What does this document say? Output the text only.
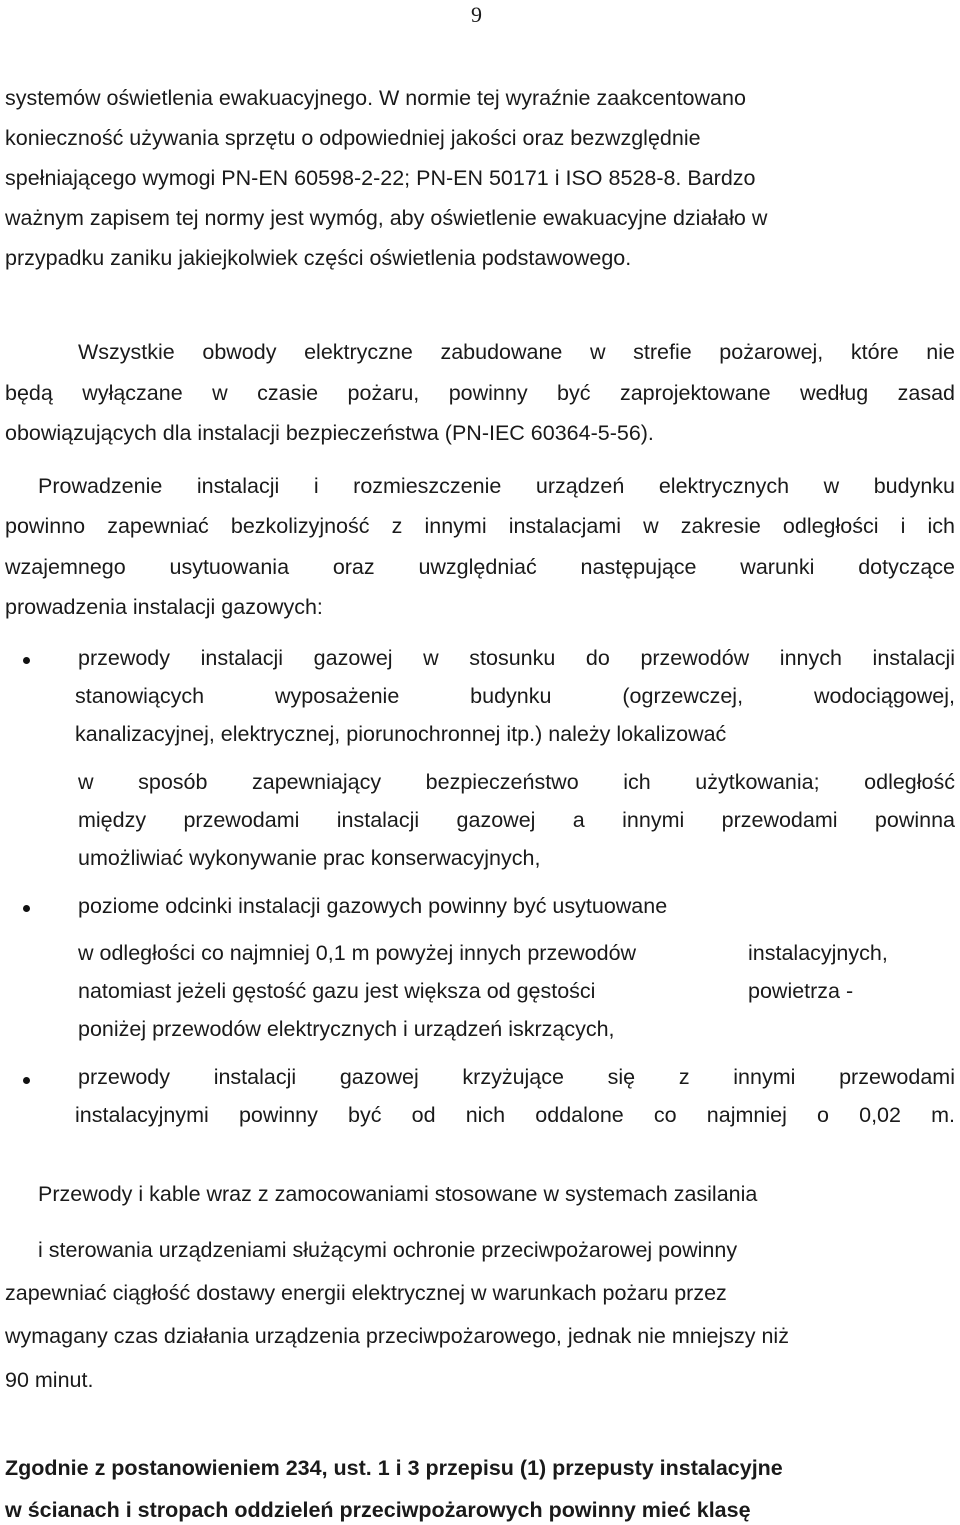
9
systemów oświetlenia ewakuacyjnego. W normie tej wyraźnie zaakcentowano
konieczność używania sprzętu o odpowiedniej jakości oraz bezwzględnie
spełniającego wymogi PN-EN 60598-2-22; PN-EN 50171 i ISO 8528-8. Bardzo
ważnym zapisem tej normy jest wymóg, aby oświetlenie ewakuacyjne działało w
przypadku zaniku jakiejkolwiek części oświetlenia podstawowego.
Wszystkie obwody elektryczne zabudowane w strefie pożarowej, które nie
będą wyłączane w czasie pożaru, powinny być zaprojektowane według zasad
obowiązujących dla instalacji bezpieczeństwa (PN-IEC 60364-5-56).
Prowadzenie instalacji i rozmieszczenie urządzeń elektrycznych w budynku
powinno zapewniać bezkolizyjność z innymi instalacjami w zakresie odległości i ich
wzajemnego usytuowania oraz uwzględniać następujące warunki dotyczące
prowadzenia instalacji gazowych:
przewody instalacji gazowej w stosunku do przewodów innych instalacji
stanowiących wyposażenie budynku (ogrzewczej, wodociągowej,
kanalizacyjnej, elektrycznej, piorunochronnej itp.) należy lokalizować
w sposób zapewniający bezpieczeństwo ich użytkowania; odległość
między przewodami instalacji gazowej a innymi przewodami powinna
umożliwiać wykonywanie prac konserwacyjnych,
poziome odcinki instalacji gazowych powinny być usytuowane
w odległości co najmniej 0,1 m powyżej innych przewodów	instalacyjnych,
natomiast jeżeli gęstość gazu jest większa od gęstości	powietrza -
poniżej przewodów elektrycznych i urządzeń iskrzących,
przewody instalacji gazowej krzyżujące się z innymi przewodami
instalacyjnymi powinny być od nich oddalone co najmniej o 0,02 m.
Przewody i kable wraz z zamocowaniami stosowane w systemach zasilania
i sterowania urządzeniami służącymi ochronie przeciwpożarowej powinny
zapewniać ciągłość dostawy energii elektrycznej w warunkach pożaru przez
wymagany czas działania urządzenia przeciwpożarowego, jednak nie mniejszy niż
90 minut.
Zgodnie z postanowieniem 234, ust. 1 i 3 przepisu (1) przepusty instalacyjne
w ścianach i stropach oddzieleń przeciwpożarowych powinny mieć klasę
